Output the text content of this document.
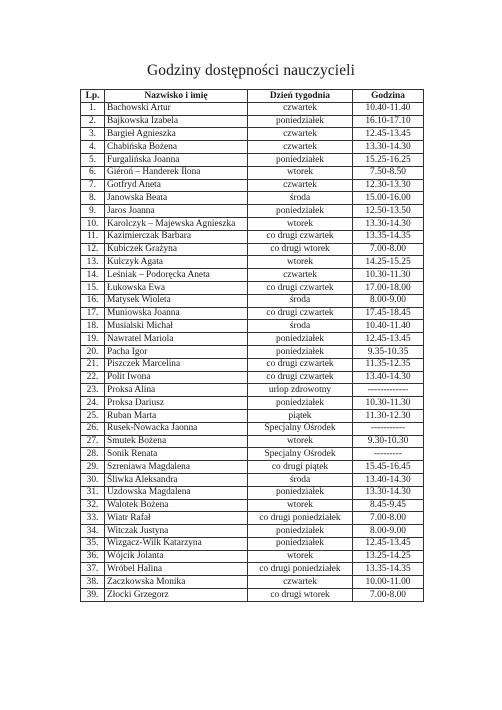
Godziny dostępności nauczycieli
Lp.	Nazwisko i imię	Dzień tygodnia	Godzina
1.	Bachowski Artur	czwartek	10.40-11.40
2.	Bajkowska Izabela	poniedziałek	16.10-17.10
3.	Bargieł Agnieszka	czwartek	12.45-13.45
4.	Chabińska Bożena	czwartek	13.30-14.30
5.	Furgalińska Joanna	poniedziałek	15.25-16.25
6.	Giéroń – Handerek Ilona	wtorek	7.50-8.50
7.	Gotfryd Aneta	czwartek	12.30-13.30
8.	Janowska Beata	środa	15.00-16.00
9.	Jaros Joanna	poniedziałek	12.50-13.50
10.	Karolczyk – Majewska Agnieszka	wtorek	13.30-14.30
11.	Kazimierczak Barbara	co drugi czwartek	13.35-14.35
12.	Kubiczek Grażyna	co drugi wtorek	7.00-8.00
13.	Kulczyk Agata	wtorek	14.25-15.25
14.	Leśniak – Podoręcka Aneta	czwartek	10.30-11.30
15.	Łukowska Ewa	co drugi czwartek	17.00-18.00
16.	Matysek Wioleta	środa	8.00-9.00
17.	Muniowska Joanna	co drugi czwartek	17.45-18.45
18.	Musialski Michał	środa	10.40-11.40
19.	Nawratel Mariola	poniedziałek	12.45-13.45
20.	Pacha Igor	poniedziałek	9.35-10.35
21.	Piszczek Marcelina	co drugi czwartek	11.35-12.35
22.	Polit Iwona	co drugi czwartek	13.40-14.30
23.	Proksa Alina	urlop zdrowotny	-------------
24.	Proksa Dariusz	poniedziałek	10.30-11.30
25.	Ruban Marta	piątek	11.30-12.30
26.	Rusek-Nowacka Jaonna	Specjalny Ośrodek	-----------
27.	Smutek Bożena	wtorek	9.30-10.30
28.	Sonik Renata	Specjalny Ośrodek	---------
29.	Szreniawa Magdalena	co drugi piątek	15.45-16.45
30.	Śliwka Aleksandra	środa	13.40-14.30
31.	Uzdowska Magdalena	poniedziałek	13.30-14.30
32.	Walotek Bożena	wtorek	8.45-9.45
33.	Wiatr Rafał	co drugi poniedziałek	7.00-8.00
34.	Witczak Justyna	poniedziałek	8.00-9.00
35.	Wizgacz-Wilk Katarzyna	poniedziałek	12.45-13.45
36.	Wójcik Jolanta	wtorek	13.25-14.25
37.	Wróbel Halina	co drugi poniedziałek	13.35-14.35
38.	Zaczkowska Monika	czwartek	10.00-11.00
39.	Złocki Grzegorz	co drugi wtorek	7.00-8.00
